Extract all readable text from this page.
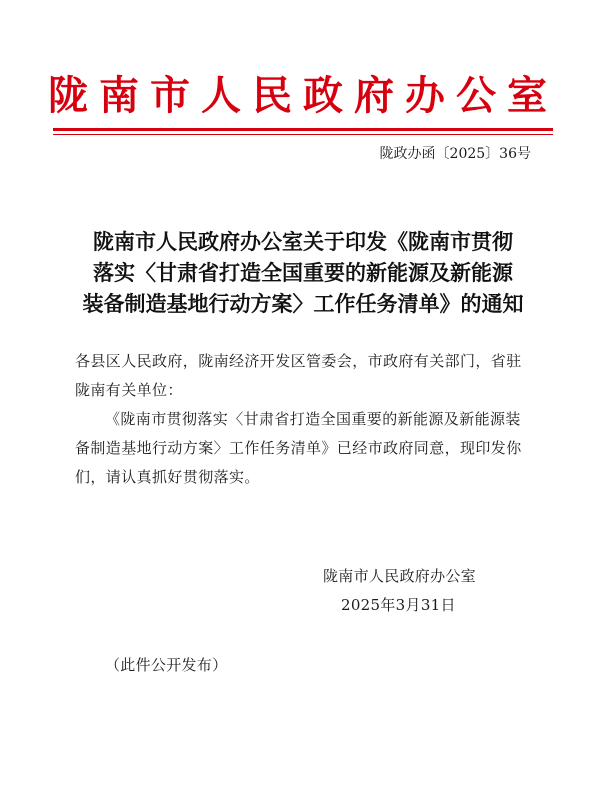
陇南市人民政府办公室
陇政办函〔2025〕36号
陇南市人民政府办公室关于印发《陇南市贯彻
落实〈甘肃省打造全国重要的新能源及新能源
装备制造基地行动方案〉工作任务清单》的通知
各县区人民政府，陇南经济开发区管委会，市政府有关部门，省驻陇南有关单位：
《陇南市贯彻落实〈甘肃省打造全国重要的新能源及新能源装备制造基地行动方案〉工作任务清单》已经市政府同意，现印发你们，请认真抓好贯彻落实。
陇南市人民政府办公室
2025年3月31日
（此件公开发布）
